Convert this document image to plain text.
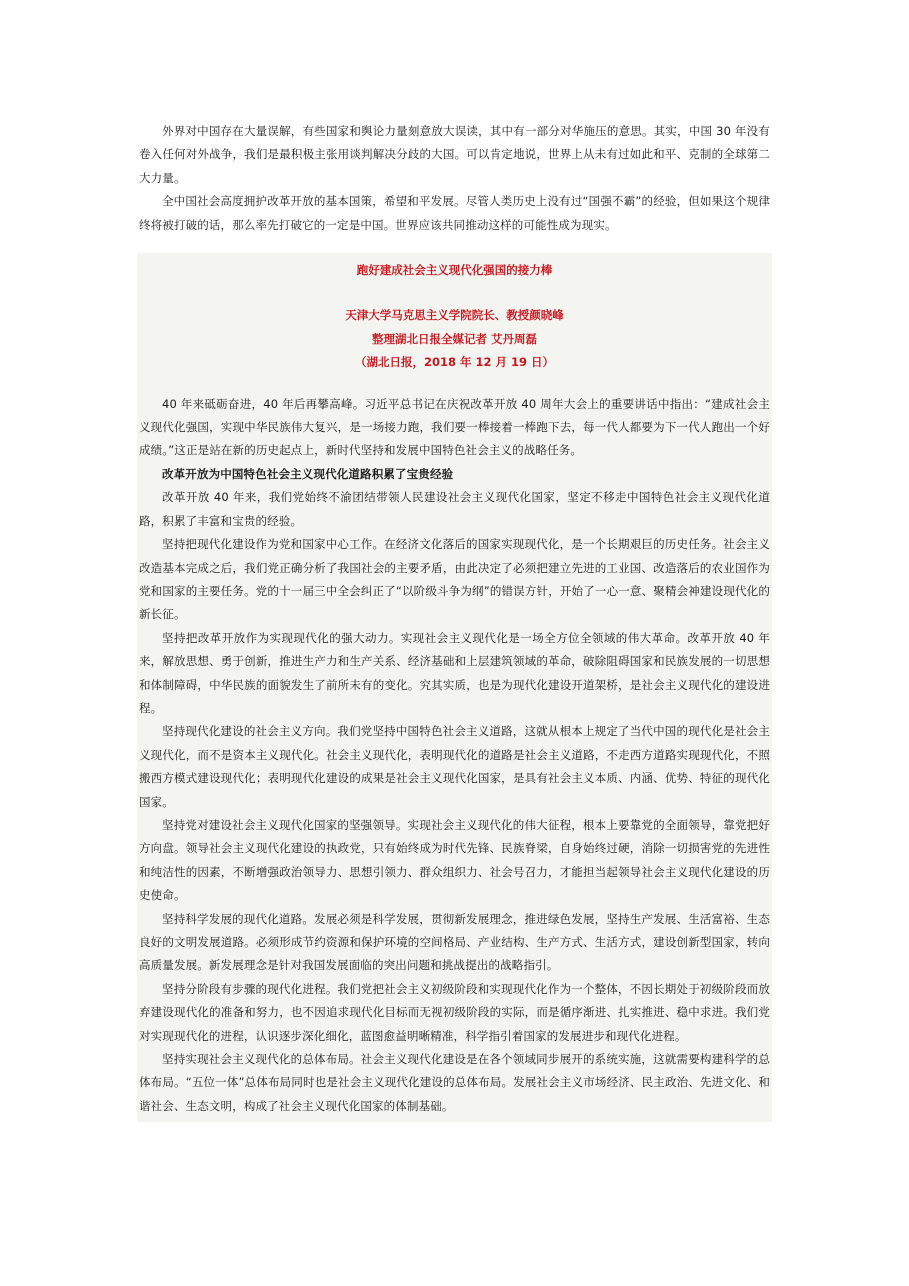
外界对中国存在大量误解，有些国家和舆论力量刻意放大误读，其中有一部分对华施压的意思。其实，中国 30 年没有卷入任何对外战争，我们是最积极主张用谈判解决分歧的大国。可以肯定地说，世界上从未有过如此和平、克制的全球第二大力量。

全中国社会高度拥护改革开放的基本国策，希望和平发展。尽管人类历史上没有过“国强不霸”的经验，但如果这个规律终将被打破的话，那么率先打破它的一定是中国。世界应该共同推动这样的可能性成为现实。

跑好建成社会主义现代化强国的接力棒
天津大学马克思主义学院院长、教授颜晓峰
整理湖北日报全媒记者 艾丹周磊
（湖北日报，2018 年 12 月 19 日）

40 年来砥砺奋进，40 年后再攀高峰。习近平总书记在庆祝改革开放 40 周年大会上的重要讲话中指出：“建成社会主义现代化强国，实现中华民族伟大复兴，是一场接力跑，我们要一棒接着一棒跑下去，每一代人都要为下一代人跑出一个好成绩。”这正是站在新的历史起点上，新时代坚持和发展中国特色社会主义的战略任务。

改革开放为中国特色社会主义现代化道路积累了宝贵经验

改革开放 40 年来，我们党始终不渝团结带领人民建设社会主义现代化国家，坚定不移走中国特色社会主义现代化道路，积累了丰富和宝贵的经验。

坚持把现代化建设作为党和国家中心工作。在经济文化落后的国家实现现代化，是一个长期艰巨的历史任务。社会主义改造基本完成之后，我们党正确分析了我国社会的主要矛盾，由此决定了必须把建立先进的工业国、改造落后的农业国作为党和国家的主要任务。党的十一届三中全会纠正了“以阶级斗争为纲”的错误方针，开始了一心一意、聚精会神建设现代化的新长征。

坚持把改革开放作为实现现代化的强大动力。实现社会主义现代化是一场全方位全领域的伟大革命。改革开放 40 年来，解放思想、勇于创新，推进生产力和生产关系、经济基础和上层建筑领域的革命，破除阻碍国家和民族发展的一切思想和体制障碍，中华民族的面貌发生了前所未有的变化。究其实质，也是为现代化建设开道架桥，是社会主义现代化的建设进程。

坚持现代化建设的社会主义方向。我们党坚持中国特色社会主义道路，这就从根本上规定了当代中国的现代化是社会主义现代化，而不是资本主义现代化。社会主义现代化，表明现代化的道路是社会主义道路，不走西方道路实现现代化，不照搬西方模式建设现代化；表明现代化建设的成果是社会主义现代化国家，是具有社会主义本质、内涵、优势、特征的现代化国家。

坚持党对建设社会主义现代化国家的坚强领导。实现社会主义现代化的伟大征程，根本上要靠党的全面领导，靠党把好方向盘。领导社会主义现代化建设的执政党，只有始终成为时代先锋、民族脊梁，自身始终过硬，消除一切损害党的先进性和纯洁性的因素，不断增强政治领导力、思想引领力、群众组织力、社会号召力，才能担当起领导社会主义现代化建设的历史使命。

坚持科学发展的现代化道路。发展必须是科学发展，贯彻新发展理念，推进绿色发展，坚持生产发展、生活富裕、生态良好的文明发展道路。必须形成节约资源和保护环境的空间格局、产业结构、生产方式、生活方式，建设创新型国家，转向高质量发展。新发展理念是针对我国发展面临的突出问题和挑战提出的战略指引。

坚持分阶段有步骤的现代化进程。我们党把社会主义初级阶段和实现现代化作为一个整体，不因长期处于初级阶段而放弃建设现代化的准备和努力，也不因追求现代化目标而无视初级阶段的实际，而是循序渐进、扎实推进、稳中求进。我们党对实现现代化的进程，认识逐步深化细化，蓝图愈益明晰精准，科学指引着国家的发展进步和现代化进程。

坚持实现社会主义现代化的总体布局。社会主义现代化建设是在各个领域同步展开的系统实施，这就需要构建科学的总体布局。“五位一体”总体布局同时也是社会主义现代化建设的总体布局。发展社会主义市场经济、民主政治、先进文化、和谐社会、生态文明，构成了社会主义现代化国家的体制基础。
